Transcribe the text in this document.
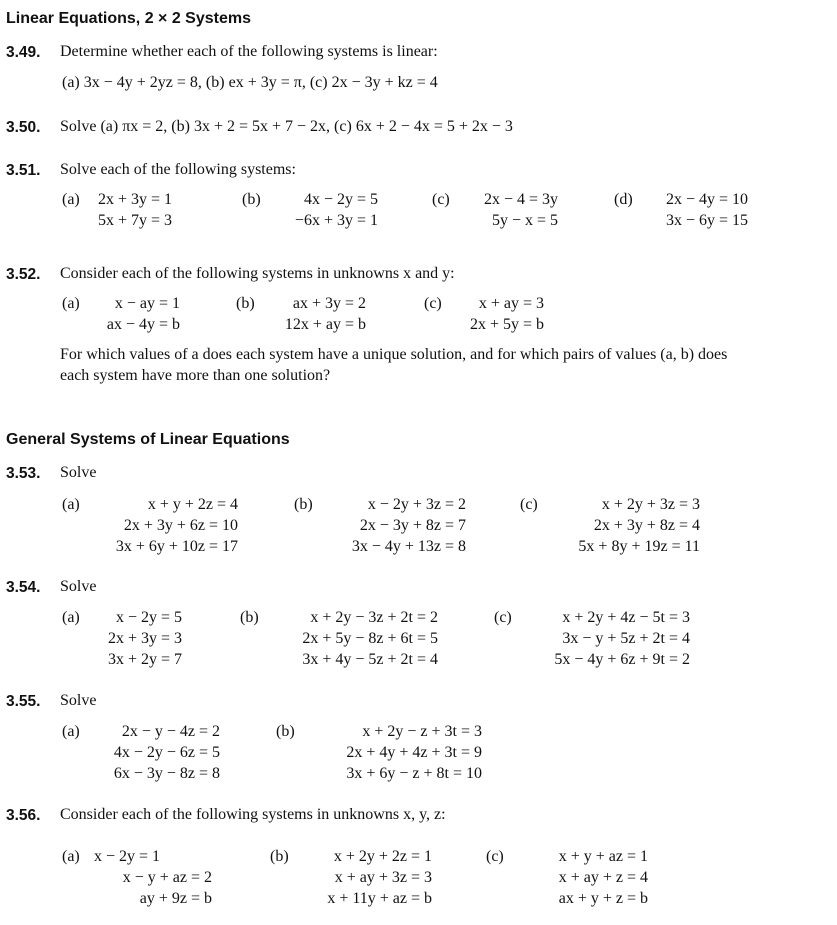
Linear Equations, 2 × 2 Systems
3.49. Determine whether each of the following systems is linear:
(a) 3x − 4y + 2yz = 8, (b) ex + 3y = π, (c) 2x − 3y + kz = 4
3.50. Solve (a) πx = 2, (b) 3x + 2 = 5x + 7 − 2x, (c) 6x + 2 − 4x = 5 + 2x − 3
3.51. Solve each of the following systems:
(a) 2x + 3y = 1
5x + 7y = 3
(b)	4x − 2y = 5
−6x + 3y = 1
(c)	2x − 4 = 3y
5y − x = 5
(d)	2x − 4y = 10
3x − 6y = 15
3.52. Consider each of the following systems in unknowns x and y:
(a)	x − ay = 1
ax − 4y = b
(b)	ax + 3y = 2
12x + ay = b
(c)	x + ay = 3
2x + 5y = b
For which values of a does each system have a unique solution, and for which pairs of values (a, b) does
each system have more than one solution?
General Systems of Linear Equations
3.53. Solve
(a)	x + y + 2z = 4
2x + 3y + 6z = 10
3x + 6y + 10z = 17
(b)	x − 2y + 3z = 2
2x − 3y + 8z = 7
3x − 4y + 13z = 8
(c)	x + 2y + 3z = 3
2x + 3y + 8z = 4
5x + 8y + 19z = 11
3.54. Solve
(a)	x − 2y = 5
2x + 3y = 3
3x + 2y = 7
(b)	x + 2y − 3z + 2t = 2
2x + 5y − 8z + 6t = 5
3x + 4y − 5z + 2t = 4
(c)	x + 2y + 4z − 5t = 3
3x − y + 5z + 2t = 4
5x − 4y + 6z + 9t = 2
3.55. Solve
(a)	2x − y − 4z = 2
4x − 2y − 6z = 5
6x − 3y − 8z = 8
(b)	x + 2y − z + 3t = 3
2x + 4y + 4z + 3t = 9
3x + 6y − z + 8t = 10
3.56. Consider each of the following systems in unknowns x, y, z:
(a) x − 2y = 1
x − y + az = 2
ay + 9z = b
(b)	x + 2y + 2z = 1
x + ay + 3z = 3
x + 11y + az = b
(c)	x + y + az = 1
x + ay + z = 4
ax + y + z = b
